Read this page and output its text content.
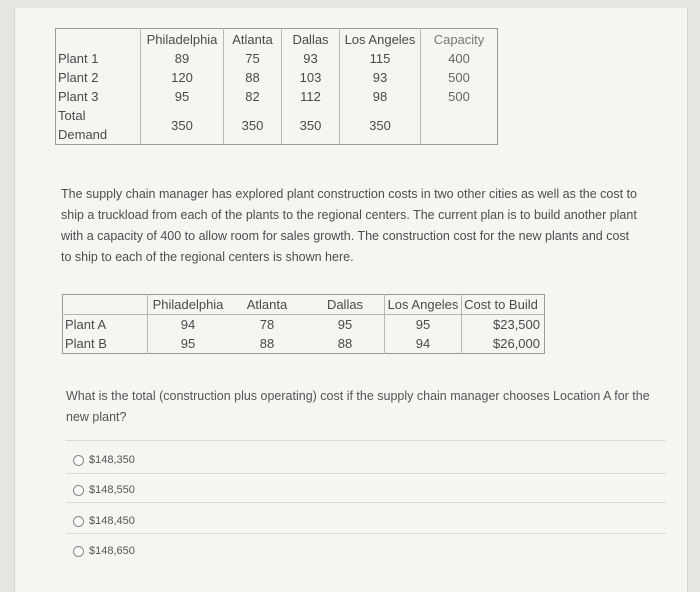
	Philadelphia	Atlanta	Dallas	Los Angeles	Capacity
Plant 1	89	75	93	115	400
Plant 2	120	88	103	93	500
Plant 3	95	82	112	98	500

Total
Demand	350	350	350	350	
The supply chain manager has explored plant construction costs in two other cities as well as the cost to ship a truckload from each of the plants to the regional centers. The current plan is to build another plant with a capacity of 400 to allow room for sales growth. The construction cost for the new plants and cost to ship to each of the regional centers is shown here.
	Philadelphia	Atlanta	Dallas	Los Angeles	Cost to Build
Plant A	94	78	95	95	$23,500
Plant B	95	88	88	94	$26,000
What is the total (construction plus operating) cost if the supply chain manager chooses Location A for the new plant?
$148,350
$148,550
$148,450
$148,650
